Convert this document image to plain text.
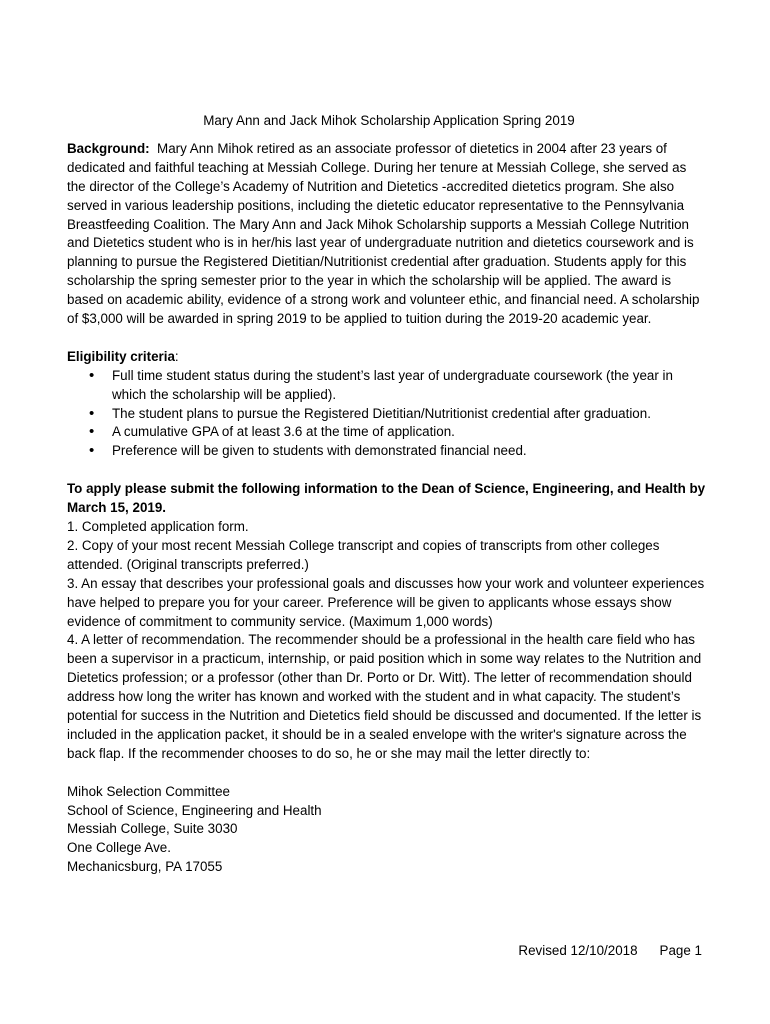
Mary Ann and Jack Mihok Scholarship Application Spring 2019

Background: Mary Ann Mihok retired as an associate professor of dietetics in 2004 after 23 years of dedicated and faithful teaching at Messiah College. During her tenure at Messiah College, she served as the director of the College’s Academy of Nutrition and Dietetics -accredited dietetics program. She also served in various leadership positions, including the dietetic educator representative to the Pennsylvania Breastfeeding Coalition. The Mary Ann and Jack Mihok Scholarship supports a Messiah College Nutrition and Dietetics student who is in her/his last year of undergraduate nutrition and dietetics coursework and is planning to pursue the Registered Dietitian/Nutritionist credential after graduation. Students apply for this scholarship the spring semester prior to the year in which the scholarship will be applied. The award is based on academic ability, evidence of a strong work and volunteer ethic, and financial need. A scholarship of $3,000 will be awarded in spring 2019 to be applied to tuition during the 2019-20 academic year.

Eligibility criteria:

• Full time student status during the student’s last year of undergraduate coursework (the year in which the scholarship will be applied).
• The student plans to pursue the Registered Dietitian/Nutritionist credential after graduation.
• A cumulative GPA of at least 3.6 at the time of application.
• Preference will be given to students with demonstrated financial need.

To apply please submit the following information to the Dean of Science, Engineering, and Health by March 15, 2019.

1. Completed application form.

2. Copy of your most recent Messiah College transcript and copies of transcripts from other colleges attended. (Original transcripts preferred.)

3. An essay that describes your professional goals and discusses how your work and volunteer experiences have helped to prepare you for your career. Preference will be given to applicants whose essays show evidence of commitment to community service. (Maximum 1,000 words)

4. A letter of recommendation. The recommender should be a professional in the health care field who has been a supervisor in a practicum, internship, or paid position which in some way relates to the Nutrition and Dietetics profession; or a professor (other than Dr. Porto or Dr. Witt). The letter of recommendation should address how long the writer has known and worked with the student and in what capacity. The student’s potential for success in the Nutrition and Dietetics field should be discussed and documented. If the letter is included in the application packet, it should be in a sealed envelope with the writer's signature across the back flap. If the recommender chooses to do so, he or she may mail the letter directly to:

Mihok Selection Committee

School of Science, Engineering and Health

Messiah College, Suite 3030

One College Ave.

Mechanicsburg, PA 17055

Revised 12/10/2018 Page 1
